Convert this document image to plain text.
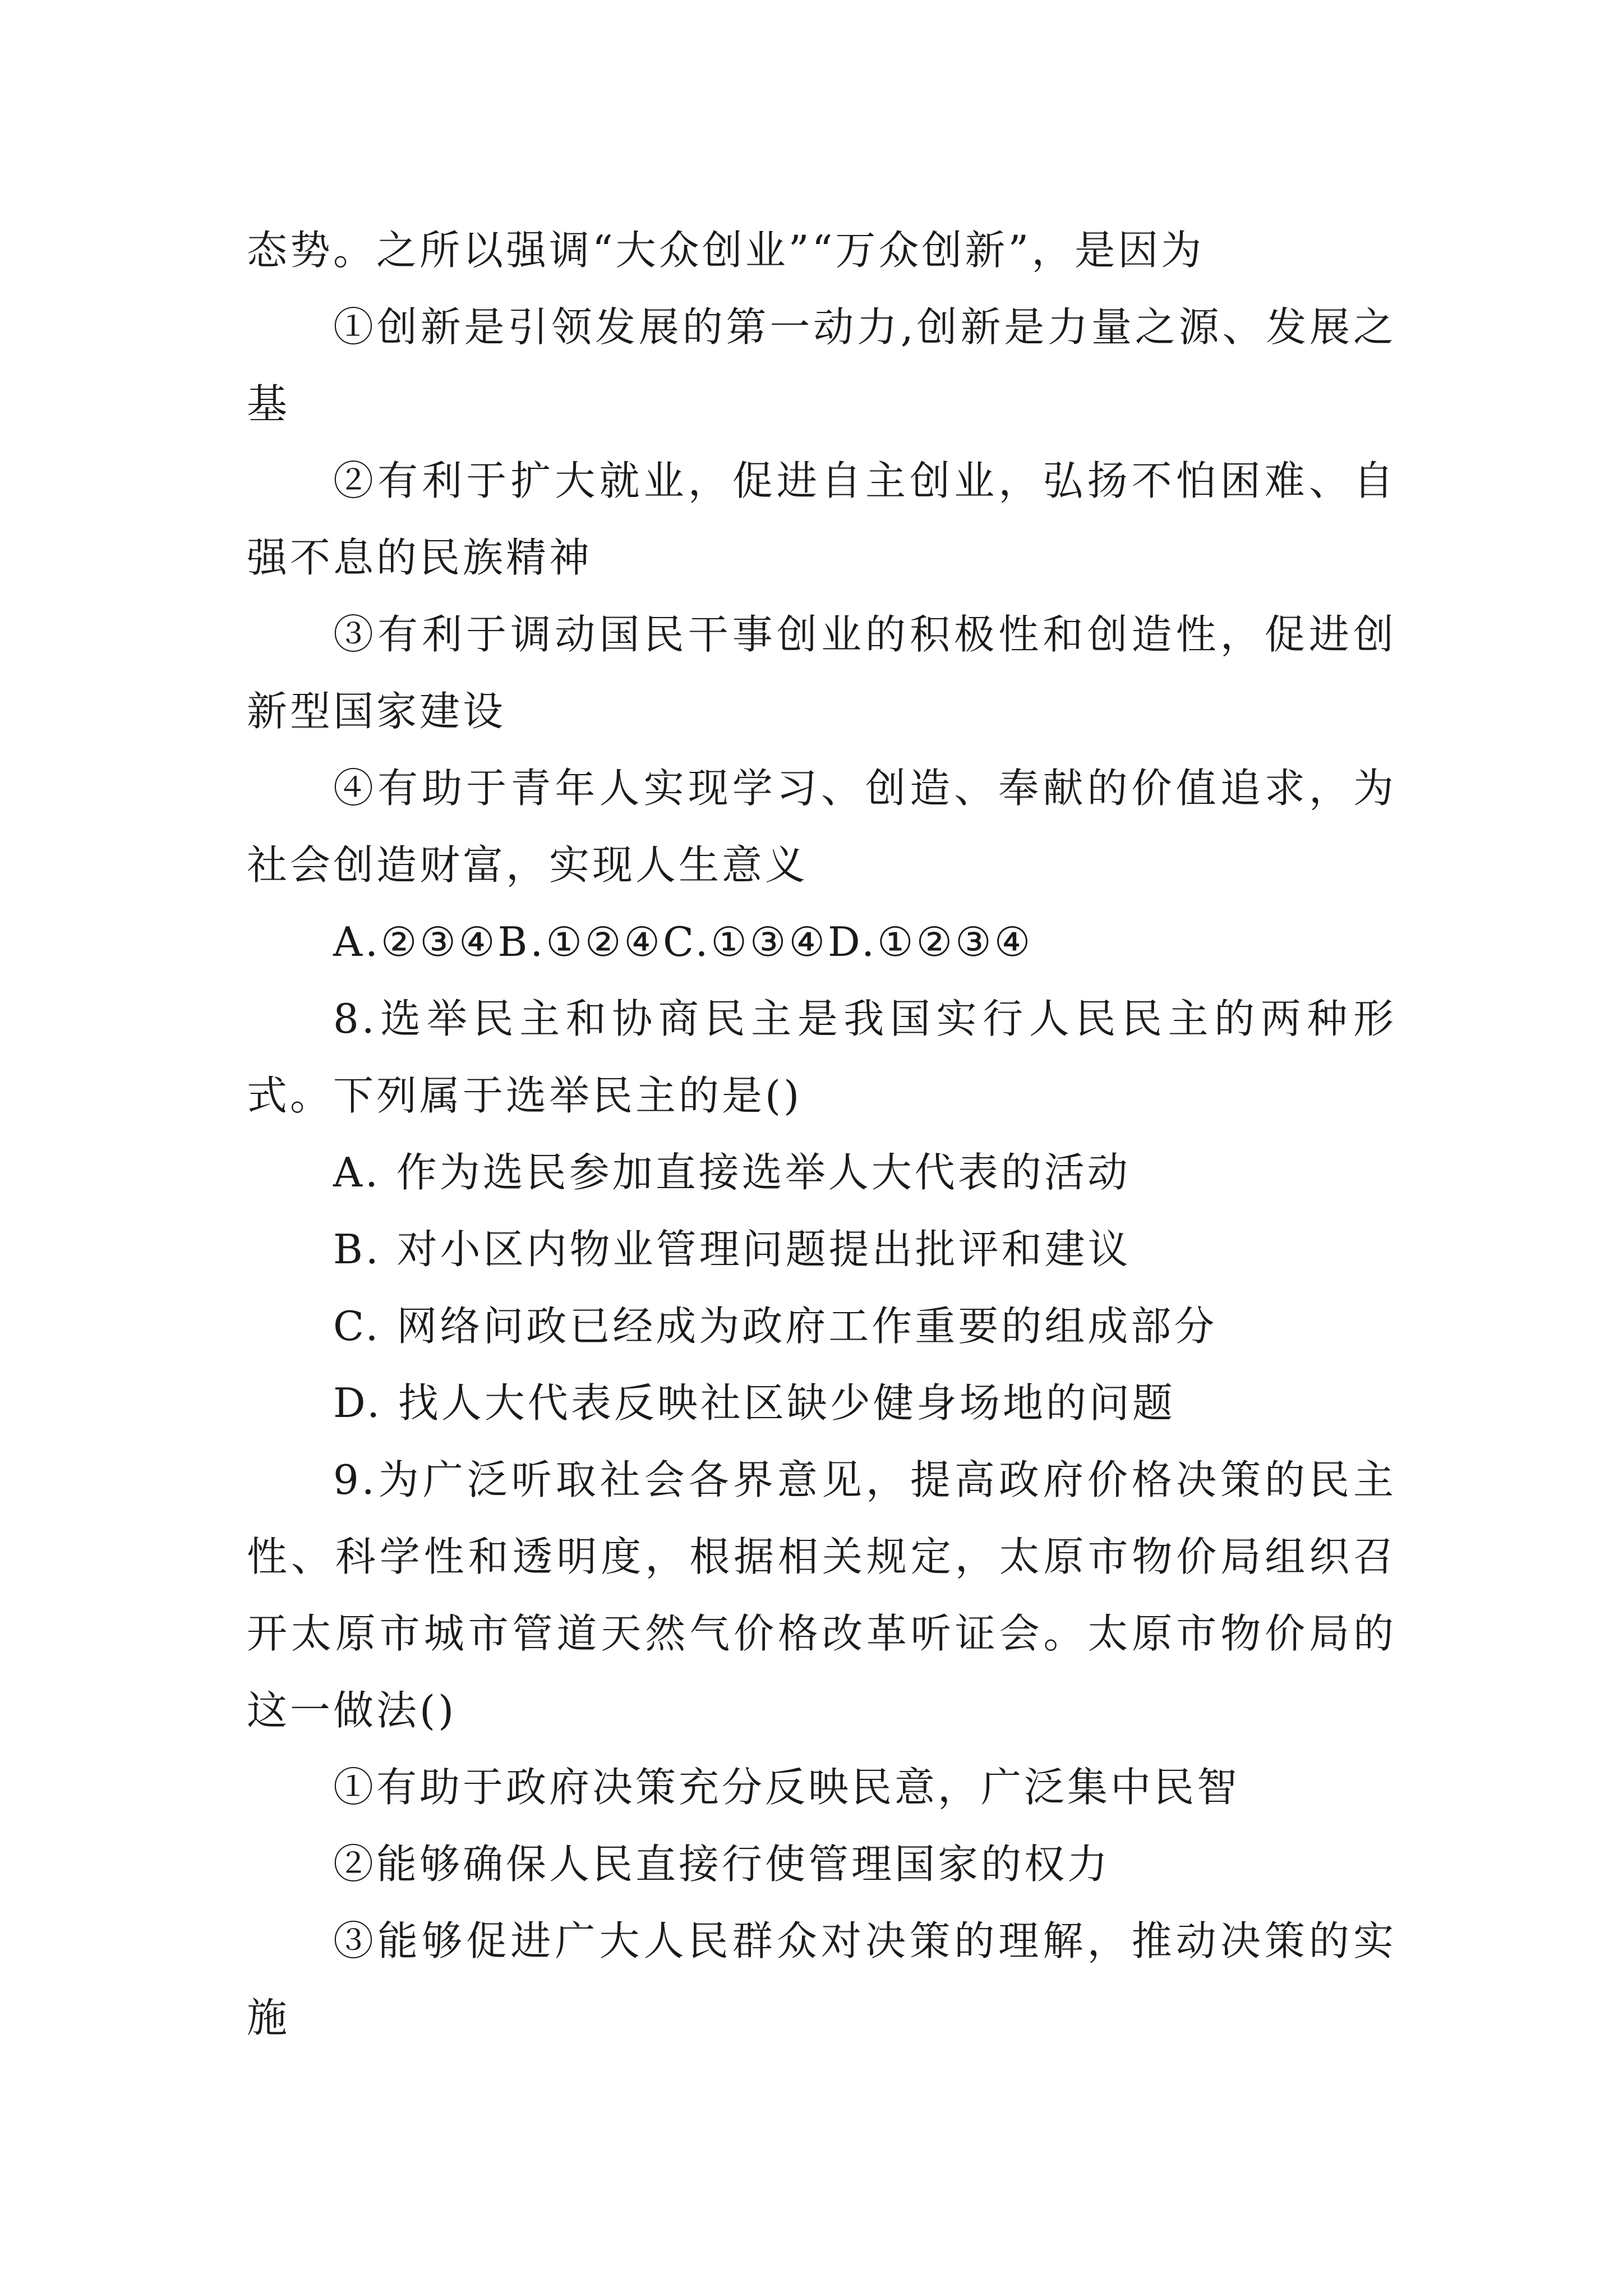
态势。之所以强调“大众创业”“万众创新”，是因为

①创新是引领发展的第一动力,创新是力量之源、发展之基

②有利于扩大就业，促进自主创业，弘扬不怕困难、自强不息的民族精神

③有利于调动国民干事创业的积极性和创造性，促进创新型国家建设

④有助于青年人实现学习、创造、奉献的价值追求，为社会创造财富，实现人生意义

A.②③④B.①②④C.①③④D.①②③④

8.选举民主和协商民主是我国实行人民民主的两种形式。下列属于选举民主的是()

A. 作为选民参加直接选举人大代表的活动

B. 对小区内物业管理问题提出批评和建议

C. 网络问政已经成为政府工作重要的组成部分

D. 找人大代表反映社区缺少健身场地的问题

9.为广泛听取社会各界意见，提高政府价格决策的民主性、科学性和透明度，根据相关规定，太原市物价局组织召开太原市城市管道天然气价格改革听证会。太原市物价局的这一做法()

①有助于政府决策充分反映民意，广泛集中民智

②能够确保人民直接行使管理国家的权力

③能够促进广大人民群众对决策的理解，推动决策的实施
